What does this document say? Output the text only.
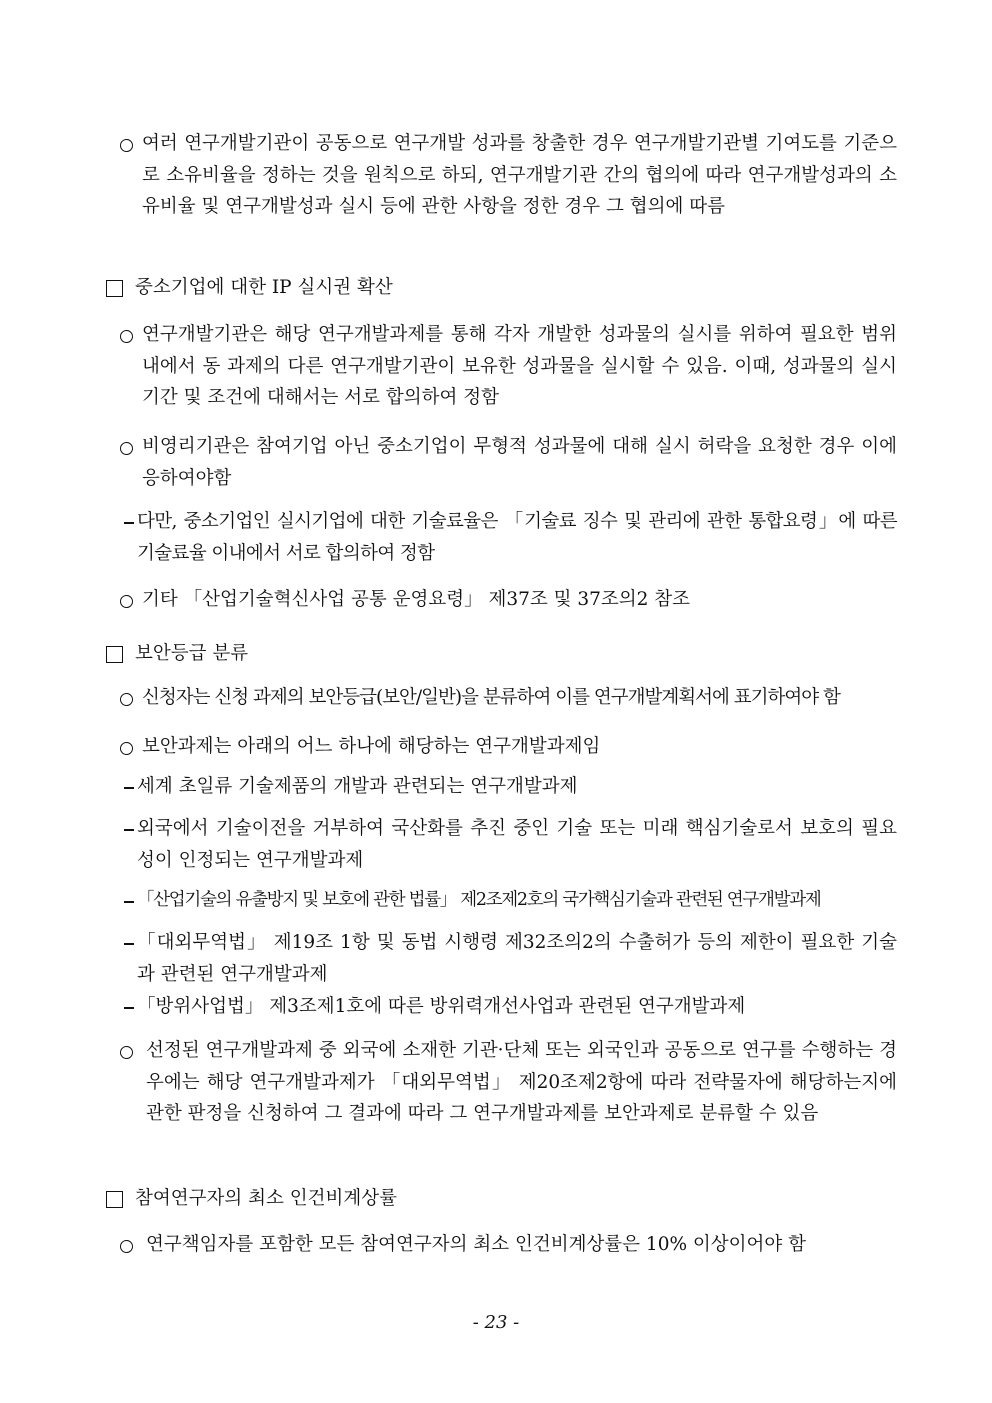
여러 연구개발기관이 공동으로 연구개발 성과를 창출한 경우 연구개발기관별 기여도를 기준으로 소유비율을 정하는 것을 원칙으로 하되, 연구개발기관 간의 협의에 따라 연구개발성과의 소유비율 및 연구개발성과 실시 등에 관한 사항을 정한 경우 그 협의에 따름
중소기업에 대한 IP 실시권 확산
연구개발기관은 해당 연구개발과제를 통해 각자 개발한 성과물의 실시를 위하여 필요한 범위 내에서 동 과제의 다른 연구개발기관이 보유한 성과물을 실시할 수 있음. 이때, 성과물의 실시기간 및 조건에 대해서는 서로 합의하여 정함
비영리기관은 참여기업 아닌 중소기업이 무형적 성과물에 대해 실시 허락을 요청한 경우 이에 응하여야함
다만, 중소기업인 실시기업에 대한 기술료율은 「기술료 징수 및 관리에 관한 통합요령」에 따른 기술료율 이내에서 서로 합의하여 정함
기타 「산업기술혁신사업 공통 운영요령」 제37조 및 37조의2 참조
보안등급 분류
신청자는 신청 과제의 보안등급(보안/일반)을 분류하여 이를 연구개발계획서에 표기하여야 함
보안과제는 아래의 어느 하나에 해당하는 연구개발과제임
세계 초일류 기술제품의 개발과 관련되는 연구개발과제
외국에서 기술이전을 거부하여 국산화를 추진 중인 기술 또는 미래 핵심기술로서 보호의 필요성이 인정되는 연구개발과제
「산업기술의 유출방지 및 보호에 관한 법률」 제2조제2호의 국가핵심기술과 관련된 연구개발과제
「대외무역법」 제19조 1항 및 동법 시행령 제32조의2의 수출허가 등의 제한이 필요한 기술과 관련된 연구개발과제
「방위사업법」 제3조제1호에 따른 방위력개선사업과 관련된 연구개발과제
선정된 연구개발과제 중 외국에 소재한 기관·단체 또는 외국인과 공동으로 연구를 수행하는 경우에는 해당 연구개발과제가 「대외무역법」 제20조제2항에 따라 전략물자에 해당하는지에 관한 판정을 신청하여 그 결과에 따라 그 연구개발과제를 보안과제로 분류할 수 있음
참여연구자의 최소 인건비계상률
연구책임자를 포함한 모든 참여연구자의 최소 인건비계상률은 10% 이상이어야 함
- 23 -
